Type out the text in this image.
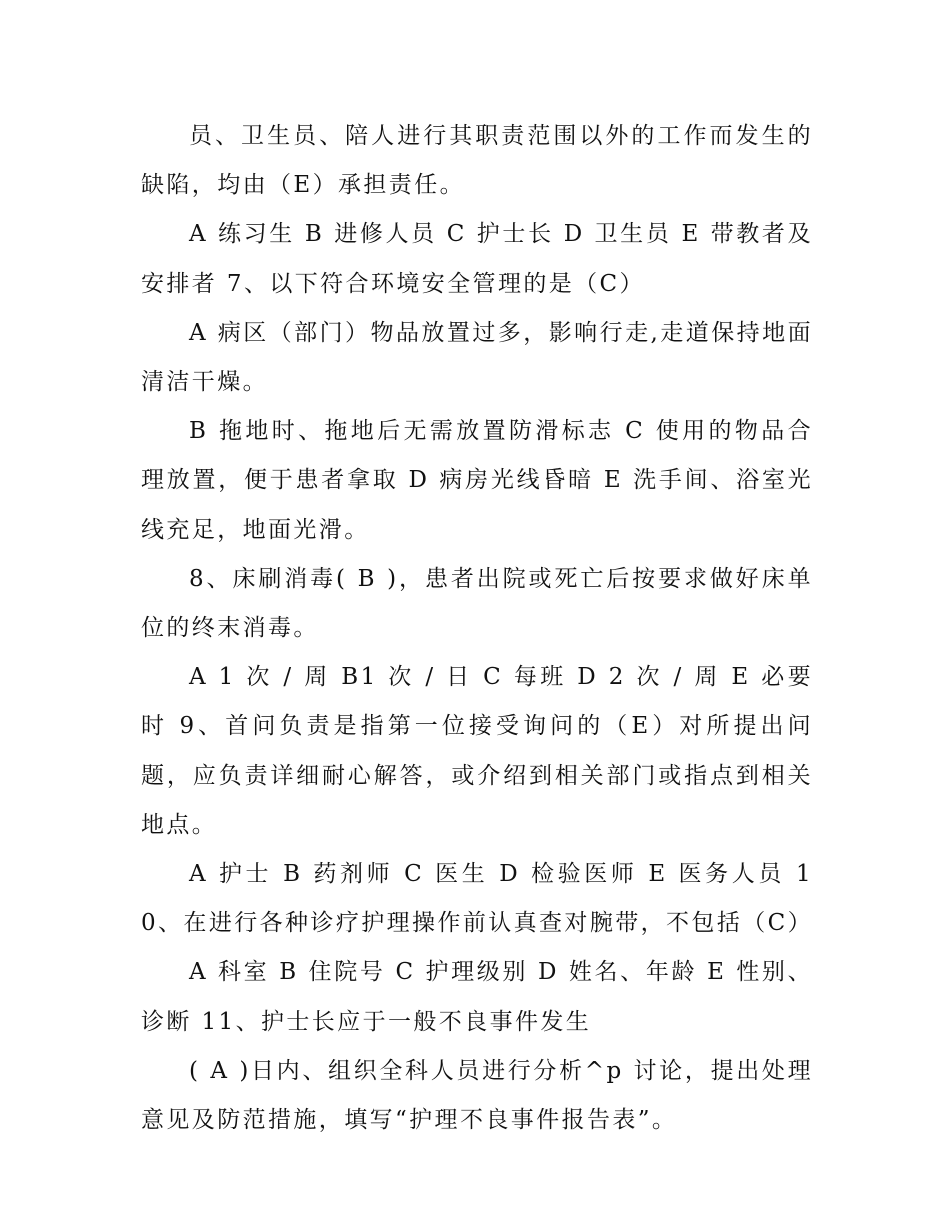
员、卫生员、陪人进行其职责范围以外的工作而发生的缺陷，均由（E）承担责任。

A 练习生 B 进修人员 C 护士长 D 卫生员 E 带教者及安排者 7、以下符合环境安全管理的是（C）

A 病区（部门）物品放置过多，影响行走,走道保持地面清洁干燥。

B 拖地时、拖地后无需放置防滑标志 C 使用的物品合理放置，便于患者拿取 D 病房光线昏暗 E 洗手间、浴室光线充足，地面光滑。

8、床刷消毒( B )，患者出院或死亡后按要求做好床单位的终末消毒。

A 1 次 / 周 B1 次 / 日 C 每班 D 2 次 / 周 E 必要时 9、首问负责是指第一位接受询问的（E）对所提出问题，应负责详细耐心解答，或介绍到相关部门或指点到相关地点。

A 护士 B 药剂师 C 医生 D 检验医师 E 医务人员 10、在进行各种诊疗护理操作前认真查对腕带，不包括（C）

A 科室 B 住院号 C 护理级别 D 姓名、年龄 E 性别、诊断 11、护士长应于一般不良事件发生

( A )日内、组织全科人员进行分析^p 讨论，提出处理意见及防范措施，填写“护理不良事件报告表”。
